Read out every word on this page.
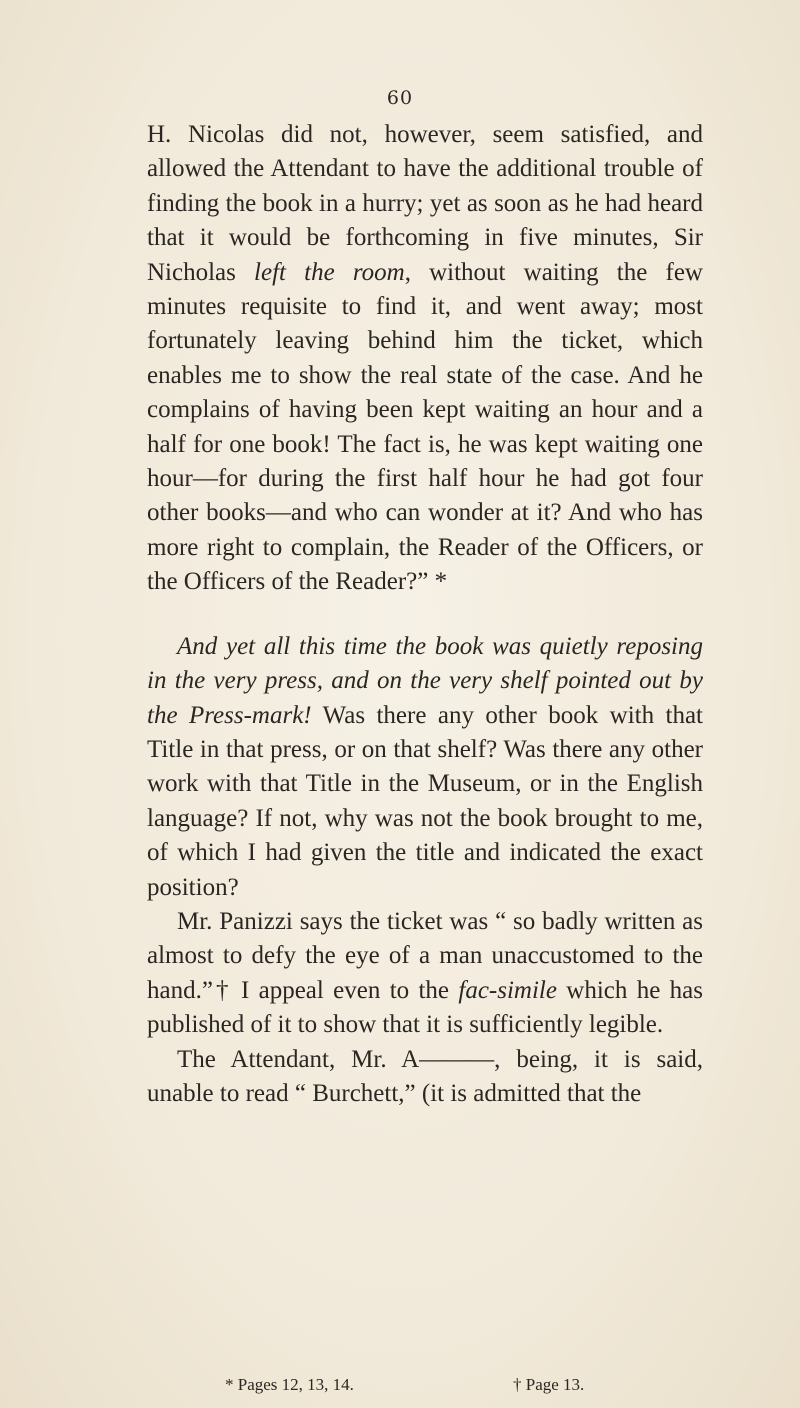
60

H. Nicolas did not, however, seem satisfied, and allowed the Attendant to have the additional trouble of finding the book in a hurry; yet as soon as he had heard that it would be forthcoming in five minutes, Sir Nicholas left the room, without waiting the few minutes requisite to find it, and went away; most fortunately leaving behind him the ticket, which enables me to show the real state of the case. And he complains of having been kept waiting an hour and a half for one book! The fact is, he was kept waiting one hour—for during the first half hour he had got four other books—and who can wonder at it? And who has more right to complain, the Reader of the Officers, or the Officers of the Reader?” *

And yet all this time the book was quietly reposing in the very press, and on the very shelf pointed out by the Press-mark! Was there any other book with that Title in that press, or on that shelf? Was there any other work with that Title in the Museum, or in the English language? If not, why was not the book brought to me, of which I had given the title and indicated the exact position?

Mr. Panizzi says the ticket was “ so badly written as almost to defy the eye of a man unaccustomed to the hand.”† I appeal even to the fac-simile which he has published of it to show that it is sufficiently legible.

The Attendant, Mr. A———, being, it is said, unable to read “ Burchett,” (it is admitted that the

* Pages 12, 13, 14.	† Page 13.
